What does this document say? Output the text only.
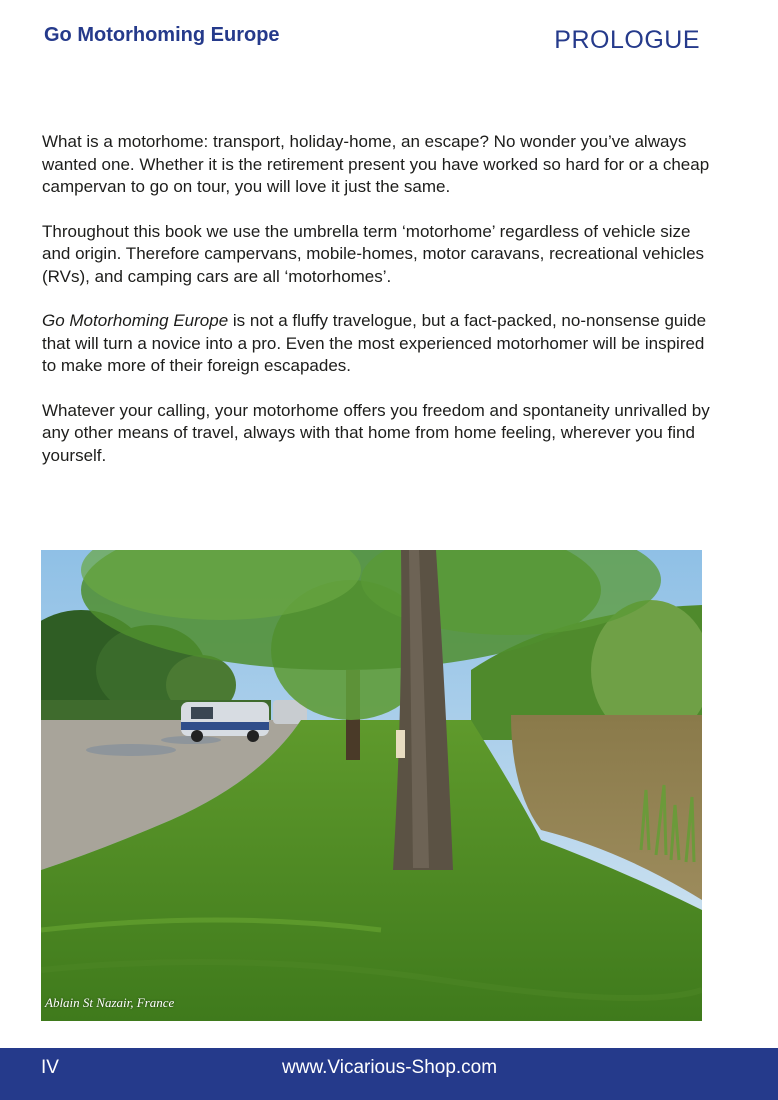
Go Motorhoming Europe	PROLOGUE

What is a motorhome: transport, holiday-home, an escape? No wonder you’ve always wanted one. Whether it is the retirement present you have worked so hard for or a cheap campervan to go on tour, you will love it just the same.

Throughout this book we use the umbrella term ‘motorhome’ regardless of vehicle size and origin. Therefore campervans, mobile-homes, motor caravans, recreational vehicles (RVs), and camping cars are all ‘motorhomes’.

Go Motorhoming Europe is not a fluffy travelogue, but a fact-packed, no-nonsense guide that will turn a novice into a pro. Even the most experienced motorhomer will be inspired to make more of their foreign escapades.

Whatever your calling, your motorhome offers you freedom and spontaneity unrivalled by any other means of travel, always with that home from home feeling, wherever you find yourself.

Ablain St Nazair, France
IV	www.Vicarious-Shop.com
